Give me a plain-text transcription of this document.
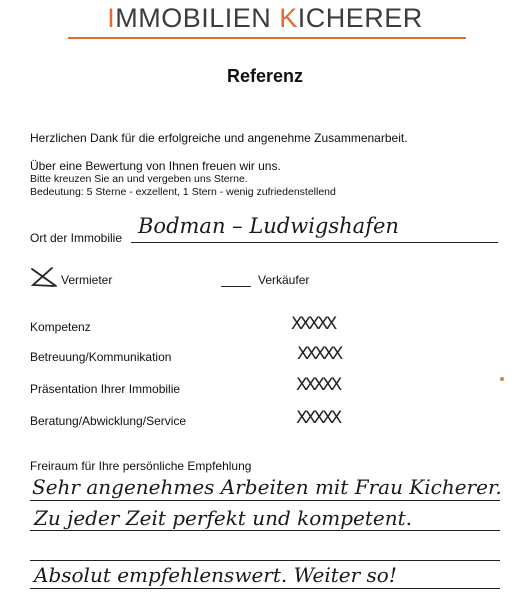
IMMOBILIEN KICHERER
Referenz
Herzlichen Dank für die erfolgreiche und angenehme Zusammenarbeit.
Über eine Bewertung von Ihnen freuen wir uns.
Bitte kreuzen Sie an und vergeben uns Sterne.
Bedeutung: 5 Sterne - exzellent, 1 Stern - wenig zufriedenstellend
Ort der Immobilie Bodman – Ludwigshafen
Vermieter	Verkäufer
Kompetenz	XXXXX
Betreuung/Kommunikation	XXXXX
Präsentation Ihrer Immobilie	XXXXX
Beratung/Abwicklung/Service	XXXXX
Freiraum für Ihre persönliche Empfehlung
Sehr angenehmes Arbeiten mit Frau Kicherer.
Zu jeder Zeit perfekt und kompetent.
Absolut empfehlenswert. Weiter so!
